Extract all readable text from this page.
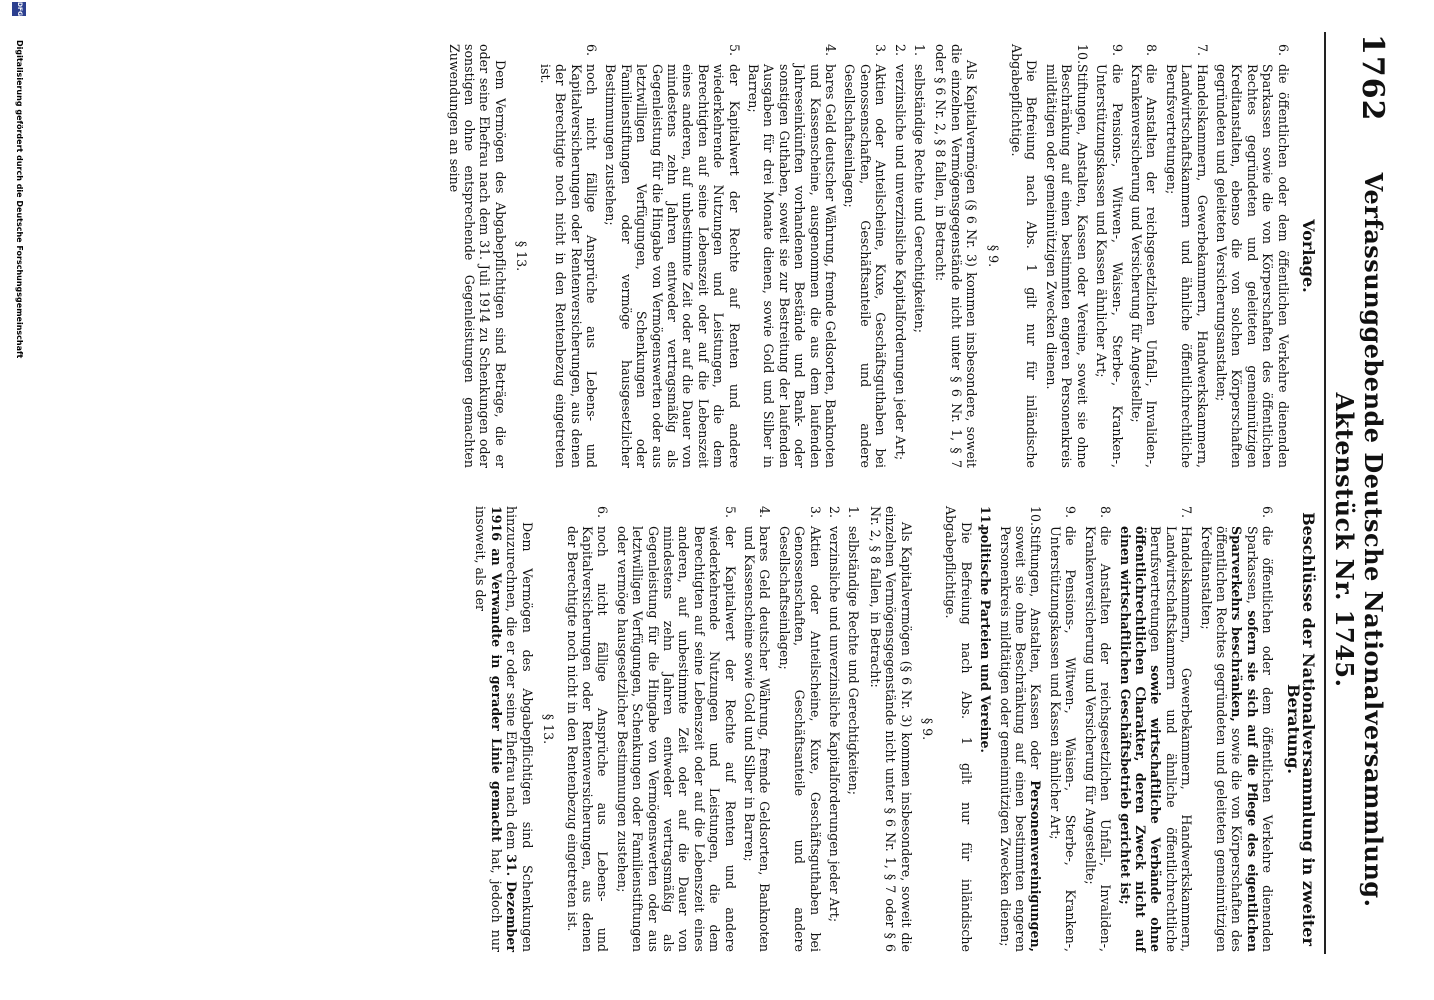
1762
Verfassunggebende Deutsche Nationalversammlung. Aktenstück Nr. 1745.
Vorlage.
6.
die öffentlichen oder dem öffentlichen Verkehre dienenden Sparkassen sowie die von Körperschaften des öffentlichen Rechtes gegründeten und geleiteten gemeinnützigen Kreditanstalten, ebenso die von solchen Körperschaften gegründeten und geleiteten Versicherungsanstalten;
7.
Handelskammern, Gewerbekammern, Handwerkskammern, Landwirtschaftskammern und ähnliche öffentlichrechtliche Berufsvertretungen;
8.
die Anstalten der reichsgesetzlichen Unfall-, Invaliden-, Krankenversicherung und Versicherung für Angestellte;
9.
die Pensions-, Witwen-, Waisen-, Sterbe-, Kranken-, Unterstützungskassen und Kassen ähnlicher Art;
10.
Stiftungen, Anstalten, Kassen oder Vereine, soweit sie ohne Beschränkung auf einen bestimmten engeren Personenkreis mildtätigen oder gemeinnützigen Zwecken dienen.

Die Befreiung nach Abs. 1 gilt nur für inländische Abgabepflichtige.

§ 9.

Als Kapitalvermögen (§ 6 Nr. 3) kommen insbesondere, soweit die einzelnen Vermögensgegenstände nicht unter § 6 Nr. 1, § 7 oder § 6 Nr. 2, § 8 fallen, in Betracht:

1.
selbständige Rechte und Gerechtigkeiten;
2.
verzinsliche und unverzinsliche Kapitalforderungen jeder Art;
3.
Aktien oder Anteilscheine, Kuxe, Geschäftsguthaben bei Genossenschaften, Geschäftsanteile und andere Gesellschaftseinlagen;
4.
bares Geld deutscher Währung, fremde Geldsorten, Banknoten und Kassenscheine, ausgenommen die aus dem laufenden Jahreseinkünften vorhandenen Bestände und Bank- oder sonstigen Guthaben, soweit sie zur Bestreitung der laufenden Ausgaben für drei Monate dienen, sowie Gold und Silber in Barren;
5.
der Kapitalwert der Rechte auf Renten und andere wiederkehrende Nutzungen und Leistungen, die dem Berechtigten auf seine Lebenszeit oder auf die Lebenszeit eines anderen, auf unbestimmte Zeit oder auf die Dauer von mindestens zehn Jahren entweder vertragsmäßig als Gegenleistung für die Hingabe von Vermögenswerten oder aus letztwilligen Verfügungen, Schenkungen oder Familienstiftungen oder vermöge hausgesetzlicher Bestimmungen zustehen;
6.
noch nicht fällige Ansprüche aus Lebens- und Kapitalversicherungen oder Rentenversicherungen, aus denen der Berechtigte noch nicht in den Rentenbezug eingetreten ist.
§ 13.

Dem Vermögen des Abgabepflichtigen sind Beträge, die er oder seine Ehefrau nach dem 31. Juli 1914 zu Schenkungen oder sonstigen ohne entsprechende Gegenleistungen gemachten Zuwendungen an seine

Beschlüsse der Nationalversammlung in zweiter Beratung.
6.
die öffentlichen oder dem öffentlichen Verkehre dienenden Sparkassen, sofern sie sich auf die Pflege des eigentlichen Sparverkehrs beschränken, sowie die von Körperschaften des öffentlichen Rechtes gegründeten und geleiteten gemeinnützigen Kreditanstalten;
7.
Handelskammern, Gewerbekammern, Handwerkskammern, Landwirtschaftskammern und ähnliche öffentlichrechtliche Berufsvertretungen sowie wirtschaftliche Verbände ohne öffentlichrechtlichen Charakter, deren Zweck nicht auf einen wirtschaftlichen Geschäftsbetrieb gerichtet ist;
8.
die Anstalten der reichsgesetzlichen Unfall-, Invaliden-, Krankenversicherung und Versicherung für Angestellte;
9.
die Pensions-, Witwen-, Waisen-, Sterbe-, Kranken-, Unterstützungskassen und Kassen ähnlicher Art;
10.
Stiftungen, Anstalten, Kassen oder Personenvereinigungen, soweit sie ohne Beschränkung auf einen bestimmten engeren Personenkreis mildtätigen oder gemeinnützigen Zwecken dienen;
11.
politische Parteien und Vereine.

Die Befreiung nach Abs. 1 gilt nur für inländische Abgabepflichtige.

§ 9.

Als Kapitalvermögen (§ 6 Nr. 3) kommen insbesondere, soweit die einzelnen Vermögensgegenstände nicht unter § 6 Nr. 1, § 7 oder § 6 Nr. 2, § 8 fallen, in Betracht:

1.
selbständige Rechte und Gerechtigkeiten;
2.
verzinsliche und unverzinsliche Kapitalforderungen jeder Art;
3.
Aktien oder Anteilscheine, Kuxe, Geschäftsguthaben bei Genossenschaften, Geschäftsanteile und andere Gesellschaftseinlagen;
4.
bares Geld deutscher Währung, fremde Geldsorten, Banknoten und Kassenscheine sowie Gold und Silber in Barren;
5.
der Kapitalwert der Rechte auf Renten und andere wiederkehrende Nutzungen und Leistungen, die dem Berechtigten auf seine Lebenszeit oder auf die Lebenszeit eines anderen, auf unbestimmte Zeit oder auf die Dauer von mindestens zehn Jahren entweder vertragsmäßig als Gegenleistung für die Hingabe von Vermögenswerten oder aus letztwilligen Verfügungen, Schenkungen oder Familienstiftungen oder vermöge hausgesetzlicher Bestimmungen zustehen;
6.
noch nicht fällige Ansprüche aus Lebens- und Kapitalversicherungen oder Rentenversicherungen, aus denen der Berechtigte noch nicht in den Rentenbezug eingetreten ist.
§ 13.

Dem Vermögen des Abgabepflichtigen sind Schenkungen hinzuzurechnen, die er oder seine Ehefrau nach dem 31. Dezember 1916 an Verwandte in gerader Linie gemacht hat, jedoch nur insoweit, als der

DFG
Digitalisierung gefördert durch die Deutsche Forschungsgemeinschaft
